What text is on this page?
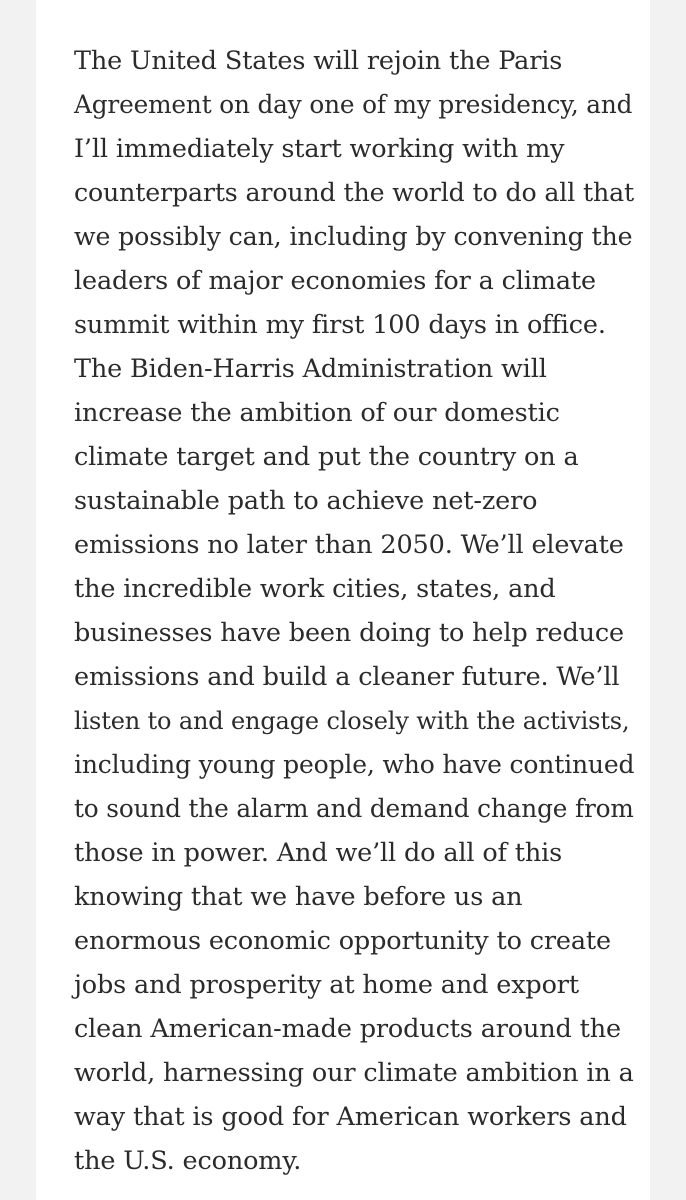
The United States will rejoin the Paris
Agreement on day one of my presidency, and
I’ll immediately start working with my
counterparts around the world to do all that
we possibly can, including by convening the
leaders of major economies for a climate
summit within my first 100 days in office.
The Biden-Harris Administration will
increase the ambition of our domestic
climate target and put the country on a
sustainable path to achieve net-zero
emissions no later than 2050. We’ll elevate
the incredible work cities, states, and
businesses have been doing to help reduce
emissions and build a cleaner future. We’ll
listen to and engage closely with the activists,
including young people, who have continued
to sound the alarm and demand change from
those in power. And we’ll do all of this
knowing that we have before us an
enormous economic opportunity to create
jobs and prosperity at home and export
clean American-made products around the
world, harnessing our climate ambition in a
way that is good for American workers and
the U.S. economy.
